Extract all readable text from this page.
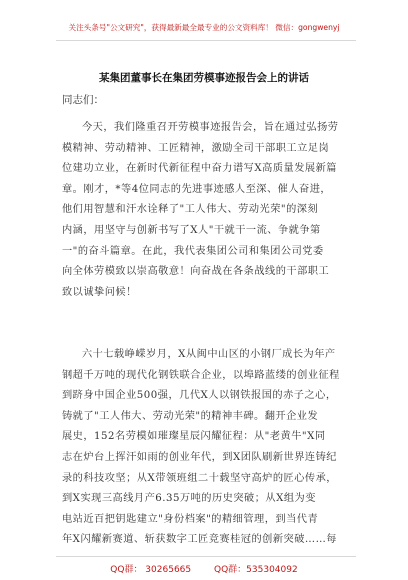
关注头条号"公文研究"，获得最新最全最专业的公文资料库！ 微信：gongwenyj
某集团董事长在集团劳模事迹报告会上的讲话
同志们：
今天，我们隆重召开劳模事迹报告会，旨在通过弘扬劳
模精神、劳动精神、工匠精神，激励全司干部职工立足岗
位建功立业，在新时代新征程中奋力谱写X高质量发展新篇
章。刚才，*等4位同志的先进事迹感人至深、催人奋进，
他们用智慧和汗水诠释了"工人伟大、劳动光荣"的深刻
内涵，用坚守与创新书写了X人"干就干一流、争就争第
一"的奋斗篇章。在此，我代表集团公司和集团公司党委
向全体劳模致以崇高敬意！向奋战在各条战线的干部职工
致以诚挚问候！
六十七载峥嵘岁月，X从闽中山区的小钢厂成长为年产
钢超千万吨的现代化钢铁联合企业，以埠路蓝缕的创业征程
到跻身中国企业500强，几代X人以钢铁报国的赤子之心，
铸就了"工人伟大、劳动光荣"的精神丰碑。翻开企业发
展史，152名劳模如璀璨星辰闪耀征程：从"老黄牛"X同
志在炉台上挥汗如雨的创业年代，到X团队刷新世界连铸纪
录的科技攻坚；从X带领班组二十载坚守高炉的匠心传承，
到X实现三高线月产6.35万吨的历史突破；从X组为变
电站近百把钥匙建立"身份档案"的精细管理，到当代青
年X闪耀新赛道、斩获数字工匠竞赛桂冠的创新突破……每
QQ群： 30265665	QQ群：535304092
